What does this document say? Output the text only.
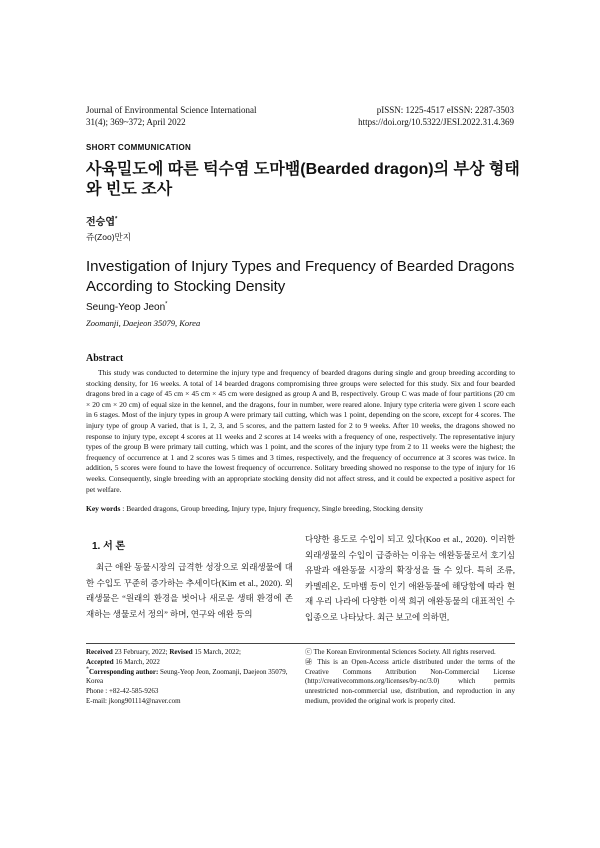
Journal of Environmental Science International
31(4); 369~372; April 2022
pISSN: 1225-4517 eISSN: 2287-3503
https://doi.org/10.5322/JESI.2022.31.4.369
SHORT COMMUNICATION
사육밀도에 따른 턱수염 도마뱀(Bearded dragon)의 부상 형태와 빈도 조사
전승엽*
쥬(Zoo)만지
Investigation of Injury Types and Frequency of Bearded Dragons According to Stocking Density
Seung-Yeop Jeon*
Zoomanji, Daejeon 35079, Korea
Abstract
This study was conducted to determine the injury type and frequency of bearded dragons during single and group breeding according to stocking density, for 16 weeks. A total of 14 bearded dragons compromising three groups were selected for this study. Six and four bearded dragons bred in a cage of 45 cm × 45 cm × 45 cm were designed as group A and B, respectively. Group C was made of four partitions (20 cm × 20 cm × 20 cm) of equal size in the kennel, and the dragons, four in number, were reared alone. Injury type criteria were given 1 score each in 6 stages. Most of the injury types in group A were primary tail cutting, which was 1 point, depending on the score, except for 4 scores. The injury type of group A varied, that is 1, 2, 3, and 5 scores, and the pattern lasted for 2 to 9 weeks. After 10 weeks, the dragons showed no response to injury type, except 4 scores at 11 weeks and 2 scores at 14 weeks with a frequency of one, respectively. The representative injury types of the group B were primary tail cutting, which was 1 point, and the scores of the injury type from 2 to 11 weeks were the highest; the frequency of occurrence at 1 and 2 scores was 5 times and 3 times, respectively, and the frequency of occurrence at 3 scores was twice. In addition, 5 scores were found to have the lowest frequency of occurrence. Solitary breeding showed no response to the type of injury for 16 weeks. Consequently, single breeding with an appropriate stocking density did not affect stress, and it could be expected a positive aspect for pet welfare.
Key words : Bearded dragons, Group breeding, Injury type, Injury frequency, Single breeding, Stocking density
1. 서 론
최근 애완 동물시장의 급격한 성장으로 외래생물에 대한 수입도 꾸준히 증가하는 추세이다(Kim et al., 2020). 외래생물은 “원래의 환경을 벗어나 새로운 생태 환경에 존재하는 생물로서 정의” 하며, 연구와 애완 등의
다양한 용도로 수입이 되고 있다(Koo et al., 2020). 이러한 외래생물의 수입이 급증하는 이유는 애완동물로서 호기심 유발과 애완동물 시장의 확장성을 들 수 있다. 특히 조류, 카멜레온, 도마뱀 등이 인기 애완동물에 해당함에 따라 현재 우리 나라에 다양한 이색 희귀 애완동물의 대표적인 수입종으로 나타났다. 최근 보고에 의하면,
Received 23 February, 2022; Revised 15 March, 2022;
Accepted 16 March, 2022
*Corresponding author: Seung-Yeop Jeon, Zoomanji, Daejeon 35079, Korea
Phone : +82-42-585-9263
E-mail: jkong901114@naver.com
ⓒ The Korean Environmental Sciences Society. All rights reserved.
㉺ This is an Open-Access article distributed under the terms of the Creative Commons Attribution Non-Commercial License (http://creativecommons.org/licenses/by-nc/3.0) which permits unrestricted non-commercial use, distribution, and reproduction in any medium, provided the original work is properly cited.
